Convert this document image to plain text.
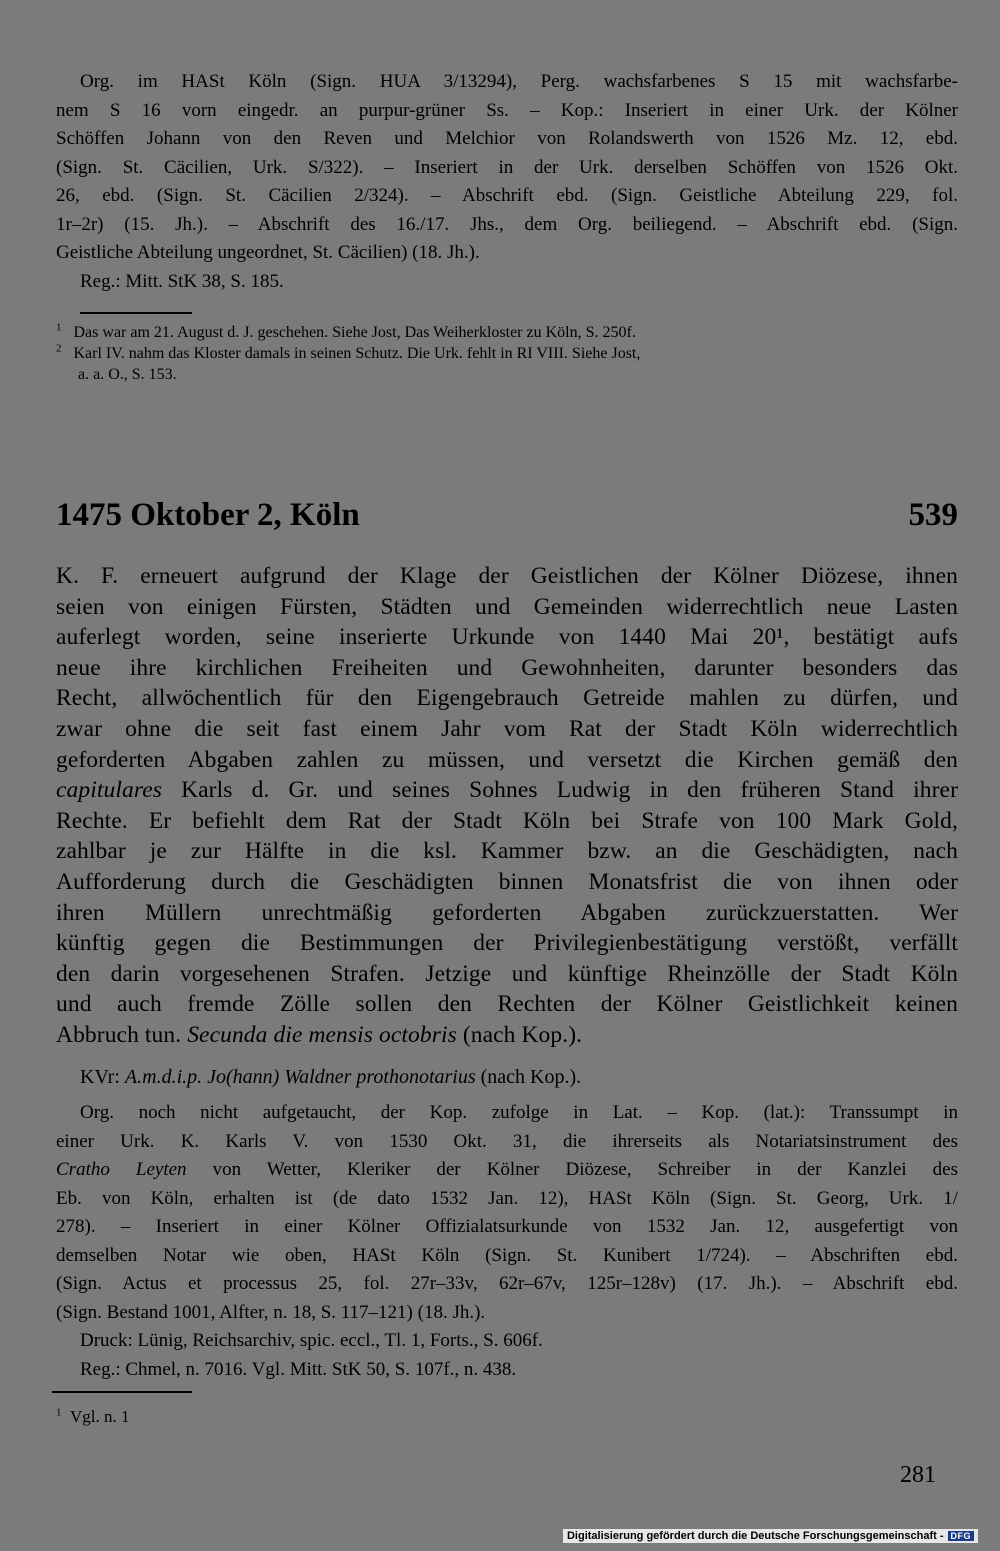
Org. im HASt Köln (Sign. HUA 3/13294), Perg. wachsfarbenes S 15 mit wachsfarbe-
nem S 16 vorn eingedr. an purpur-grüner Ss. – Kop.: Inseriert in einer Urk. der Kölner
Schöffen Johann von den Reven und Melchior von Rolandswerth von 1526 Mz. 12, ebd.
(Sign. St. Cäcilien, Urk. S/322). – Inseriert in der Urk. derselben Schöffen von 1526 Okt.
26, ebd. (Sign. St. Cäcilien 2/324). – Abschrift ebd. (Sign. Geistliche Abteilung 229, fol.
1r–2r) (15. Jh.). – Abschrift des 16./17. Jhs., dem Org. beiliegend. – Abschrift ebd. (Sign.
Geistliche Abteilung ungeordnet, St. Cäcilien) (18. Jh.).
Reg.: Mitt. StK 38, S. 185.
$^1$ Das war am 21. August d. J. geschehen. Siehe Jost, Das Weiherkloster zu Köln, S. 250f.
$^2$ Karl IV. nahm das Kloster damals in seinen Schutz. Die Urk. fehlt in RI VIII. Siehe Jost,
a. a. O., S. 153.
1475 Oktober 2, Köln	539
K. F. erneuert aufgrund der Klage der Geistlichen der Kölner Diözese, ihnen
seien von einigen Fürsten, Städten und Gemeinden widerrechtlich neue Lasten
auferlegt worden, seine inserierte Urkunde von 1440 Mai 20¹, bestätigt aufs
neue ihre kirchlichen Freiheiten und Gewohnheiten, darunter besonders das
Recht, allwöchentlich für den Eigengebrauch Getreide mahlen zu dürfen, und
zwar ohne die seit fast einem Jahr vom Rat der Stadt Köln widerrechtlich
geforderten Abgaben zahlen zu müssen, und versetzt die Kirchen gemäß den
capitulares Karls d. Gr. und seines Sohnes Ludwig in den früheren Stand ihrer
Rechte. Er befiehlt dem Rat der Stadt Köln bei Strafe von 100 Mark Gold,
zahlbar je zur Hälfte in die ksl. Kammer bzw. an die Geschädigten, nach
Aufforderung durch die Geschädigten binnen Monatsfrist die von ihnen oder
ihren Müllern unrechtmäßig geforderten Abgaben zurückzuerstatten. Wer
künftig gegen die Bestimmungen der Privilegienbestätigung verstößt, verfällt
den darin vorgesehenen Strafen. Jetzige und künftige Rheinzölle der Stadt Köln
und auch fremde Zölle sollen den Rechten der Kölner Geistlichkeit keinen
Abbruch tun. Secunda die mensis octobris (nach Kop.).
KVr: A.m.d.i.p. Jo(hann) Waldner prothonotarius (nach Kop.).
Org. noch nicht aufgetaucht, der Kop. zufolge in Lat. – Kop. (lat.): Transsumpt in
einer Urk. K. Karls V. von 1530 Okt. 31, die ihrerseits als Notariatsinstrument des
Cratho Leyten von Wetter, Kleriker der Kölner Diözese, Schreiber in der Kanzlei des
Eb. von Köln, erhalten ist (de dato 1532 Jan. 12), HASt Köln (Sign. St. Georg, Urk. 1/
278). – Inseriert in einer Kölner Offizialatsurkunde von 1532 Jan. 12, ausgefertigt von
demselben Notar wie oben, HASt Köln (Sign. St. Kunibert 1/724). – Abschriften ebd.
(Sign. Actus et processus 25, fol. 27r–33v, 62r–67v, 125r–128v) (17. Jh.). – Abschrift ebd.
(Sign. Bestand 1001, Alfter, n. 18, S. 117–121) (18. Jh.).
Druck: Lünig, Reichsarchiv, spic. eccl., Tl. 1, Forts., S. 606f.
Reg.: Chmel, n. 7016. Vgl. Mitt. StK 50, S. 107f., n. 438.
$^1$ Vgl. n. 1
281
Digitalisierung gefördert durch die Deutsche Forschungsgemeinschaft - DFG
